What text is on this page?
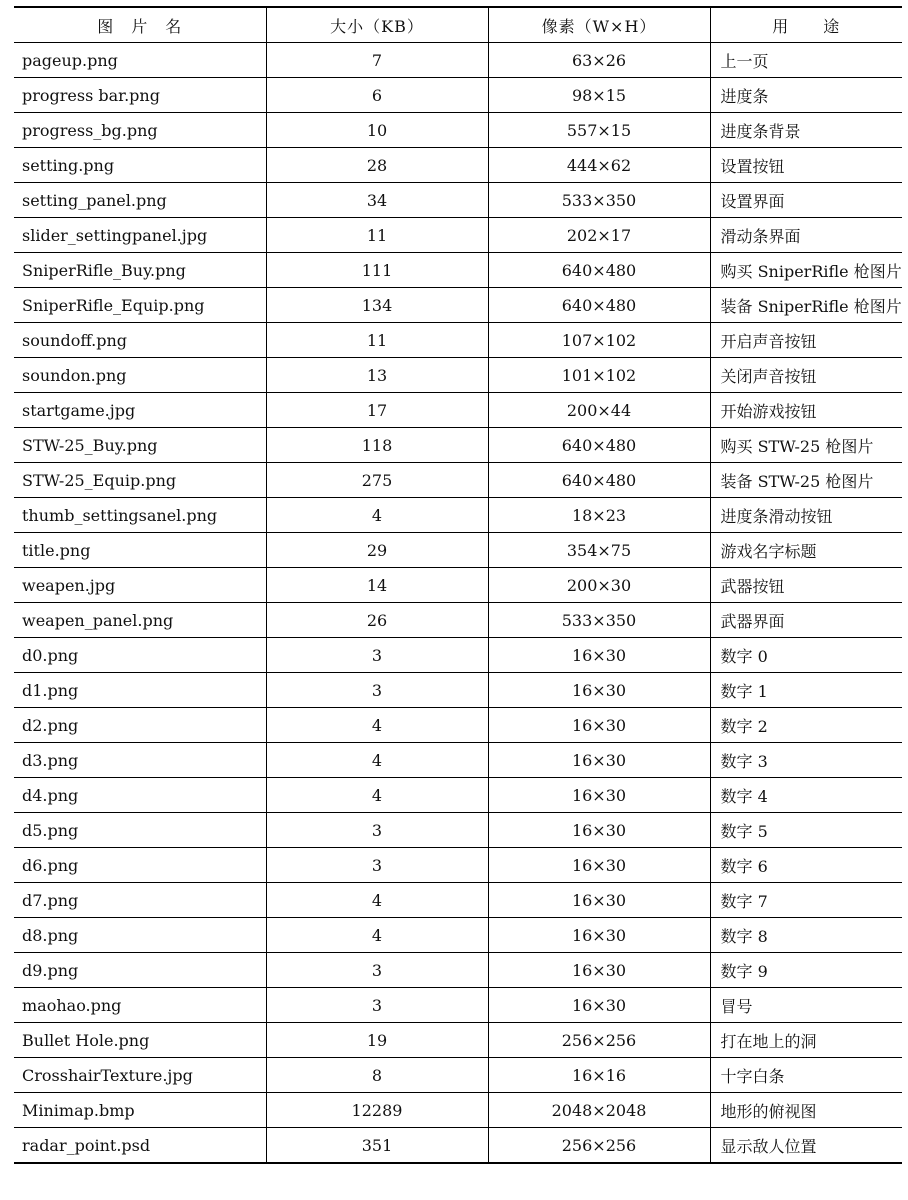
图　片　名	大小（KB）	像素（W×H）	用　　途
pageup.png	7	63×26	上一页
progress bar.png	6	98×15	进度条
progress_bg.png	10	557×15	进度条背景
setting.png	28	444×62	设置按钮
setting_panel.png	34	533×350	设置界面
slider_settingpanel.jpg	11	202×17	滑动条界面
SniperRifle_Buy.png	111	640×480	购买 SniperRifle 枪图片
SniperRifle_Equip.png	134	640×480	装备 SniperRifle 枪图片
soundoff.png	11	107×102	开启声音按钮
soundon.png	13	101×102	关闭声音按钮
startgame.jpg	17	200×44	开始游戏按钮
STW-25_Buy.png	118	640×480	购买 STW-25 枪图片
STW-25_Equip.png	275	640×480	装备 STW-25 枪图片
thumb_settingsanel.png	4	18×23	进度条滑动按钮
title.png	29	354×75	游戏名字标题
weapen.jpg	14	200×30	武器按钮
weapen_panel.png	26	533×350	武器界面
d0.png	3	16×30	数字 0
d1.png	3	16×30	数字 1
d2.png	4	16×30	数字 2
d3.png	4	16×30	数字 3
d4.png	4	16×30	数字 4
d5.png	3	16×30	数字 5
d6.png	3	16×30	数字 6
d7.png	4	16×30	数字 7
d8.png	4	16×30	数字 8
d9.png	3	16×30	数字 9
maohao.png	3	16×30	冒号
Bullet Hole.png	19	256×256	打在地上的洞
CrosshairTexture.jpg	8	16×16	十字白条
Minimap.bmp	12289	2048×2048	地形的俯视图
radar_point.psd	351	256×256	显示敌人位置
